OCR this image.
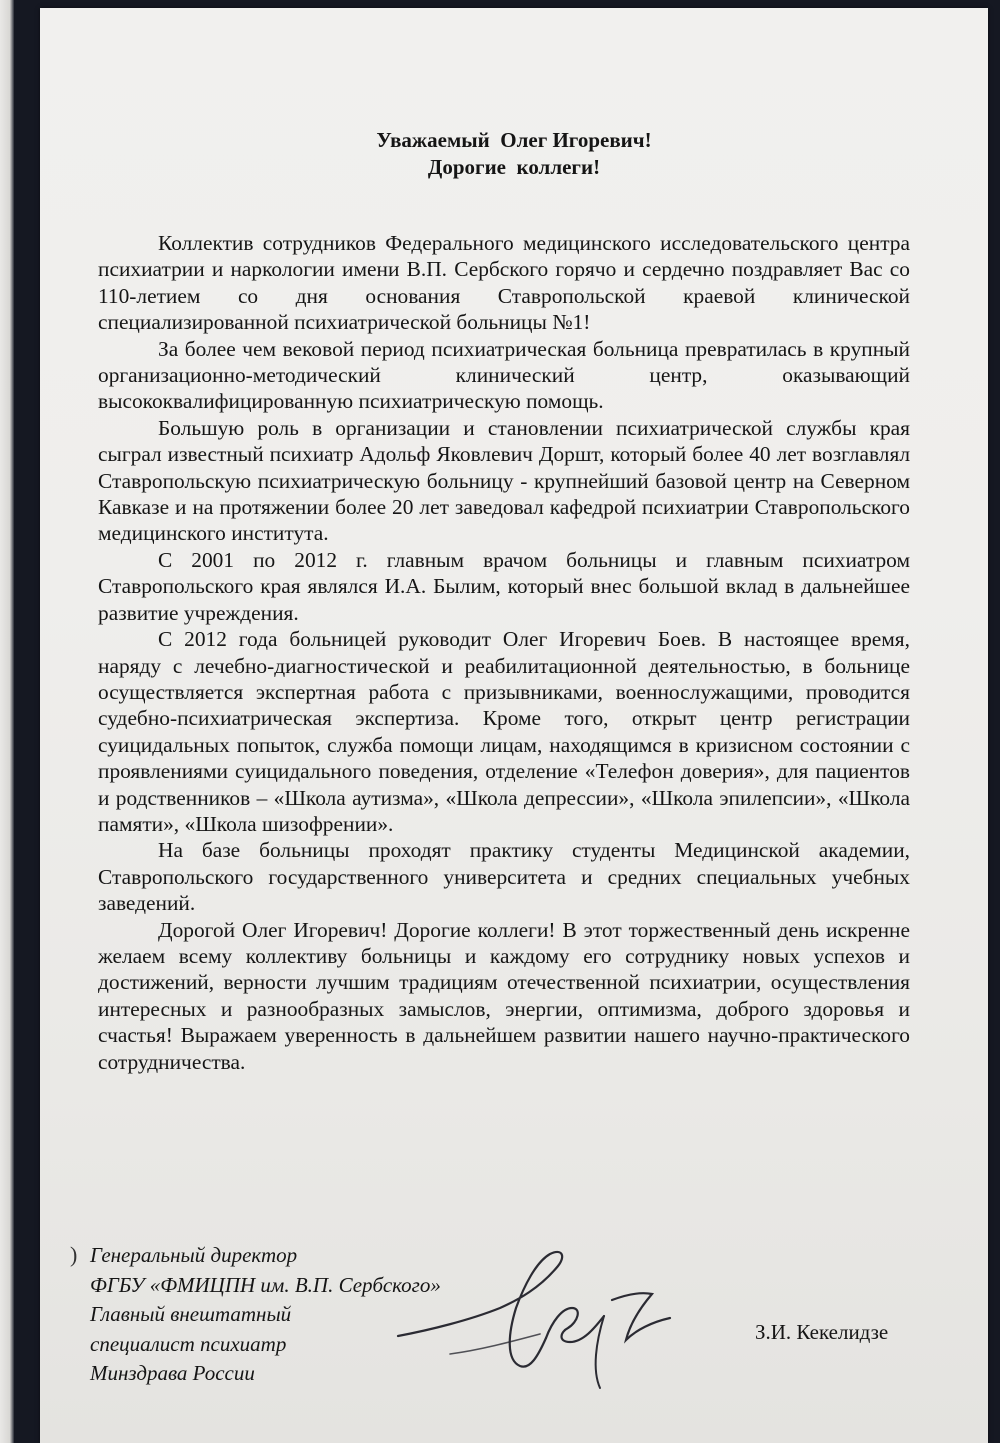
Уважаемый  Олег Игоревич!
Дорогие  коллеги!

Коллектив сотрудников Федерального медицинского исследовательского центра психиатрии и наркологии имени В.П. Сербского горячо и сердечно поздравляет Вас со 110-летием со дня основания Ставропольской краевой клинической специализированной психиатрической больницы №1!

За более чем вековой период психиатрическая больница превратилась в крупный организационно-методический клинический центр, оказывающий высококвалифицированную психиатрическую помощь.

Большую роль в организации и становлении психиатрической службы края сыграл известный психиатр Адольф Яковлевич Доршт, который более 40 лет возглавлял Ставропольскую психиатрическую больницу - крупнейший базовой центр на Северном Кавказе и на протяжении более 20 лет заведовал кафедрой психиатрии Ставропольского медицинского института.

С 2001 по 2012 г. главным врачом больницы и главным психиатром Ставропольского края являлся И.А. Былим, который внес большой вклад в дальнейшее развитие учреждения.

С 2012 года больницей руководит Олег Игоревич Боев. В настоящее время, наряду с лечебно-диагностической и реабилитационной деятельностью, в больнице осуществляется экспертная работа с призывниками, военнослужащими, проводится судебно-психиатрическая экспертиза. Кроме того, открыт центр регистрации суицидальных попыток, служба помощи лицам, находящимся в кризисном состоянии с проявлениями суицидального поведения, отделение «Телефон доверия», для пациентов и родственников – «Школа аутизма», «Школа депрессии», «Школа эпилепсии», «Школа памяти», «Школа шизофрении».

На базе больницы проходят практику студенты Медицинской академии, Ставропольского государственного университета и средних специальных учебных заведений.

Дорогой Олег Игоревич! Дорогие коллеги! В этот торжественный день искренне желаем всему коллективу больницы и каждому его сотруднику новых успехов и достижений, верности лучшим традициям отечественной психиатрии, осуществления интересных и разнообразных замыслов, энергии, оптимизма, доброго здоровья и счастья! Выражаем уверенность в дальнейшем развитии нашего научно-практического сотрудничества.

) Генеральный директор
ФГБУ «ФМИЦПН им. В.П. Сербского»
Главный внештатный
специалист психиатр
Минздрава России
З.И. Кекелидзе
